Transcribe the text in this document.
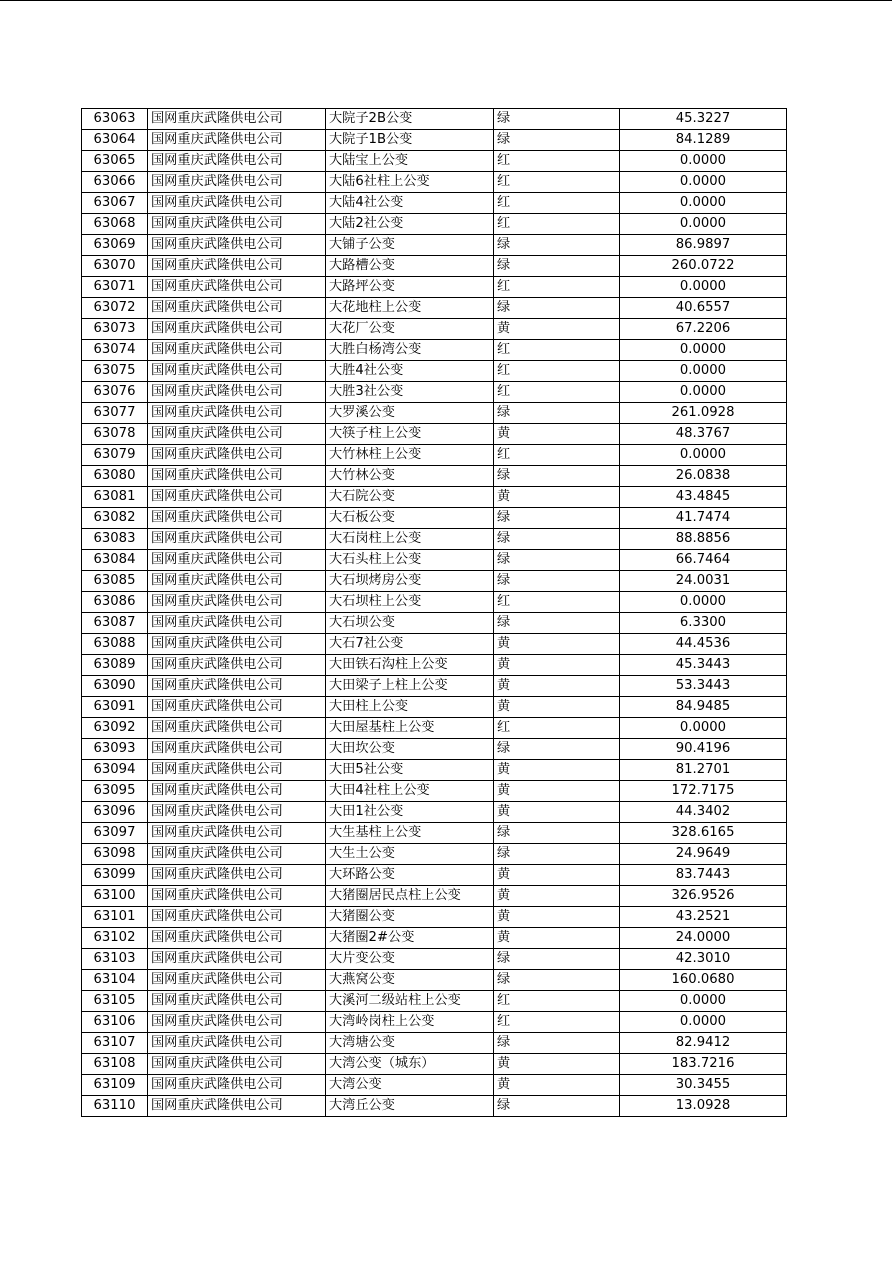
63063	国网重庆武隆供电公司	大院子2B公变	绿	45.3227
63064	国网重庆武隆供电公司	大院子1B公变	绿	84.1289
63065	国网重庆武隆供电公司	大陆宝上公变	红	0.0000
63066	国网重庆武隆供电公司	大陆6社柱上公变	红	0.0000
63067	国网重庆武隆供电公司	大陆4社公变	红	0.0000
63068	国网重庆武隆供电公司	大陆2社公变	红	0.0000
63069	国网重庆武隆供电公司	大铺子公变	绿	86.9897
63070	国网重庆武隆供电公司	大路槽公变	绿	260.0722
63071	国网重庆武隆供电公司	大路坪公变	红	0.0000
63072	国网重庆武隆供电公司	大花地柱上公变	绿	40.6557
63073	国网重庆武隆供电公司	大花厂公变	黄	67.2206
63074	国网重庆武隆供电公司	大胜白杨湾公变	红	0.0000
63075	国网重庆武隆供电公司	大胜4社公变	红	0.0000
63076	国网重庆武隆供电公司	大胜3社公变	红	0.0000
63077	国网重庆武隆供电公司	大罗溪公变	绿	261.0928
63078	国网重庆武隆供电公司	大筷子柱上公变	黄	48.3767
63079	国网重庆武隆供电公司	大竹林柱上公变	红	0.0000
63080	国网重庆武隆供电公司	大竹林公变	绿	26.0838
63081	国网重庆武隆供电公司	大石院公变	黄	43.4845
63082	国网重庆武隆供电公司	大石板公变	绿	41.7474
63083	国网重庆武隆供电公司	大石岗柱上公变	绿	88.8856
63084	国网重庆武隆供电公司	大石头柱上公变	绿	66.7464
63085	国网重庆武隆供电公司	大石坝烤房公变	绿	24.0031
63086	国网重庆武隆供电公司	大石坝柱上公变	红	0.0000
63087	国网重庆武隆供电公司	大石坝公变	绿	6.3300
63088	国网重庆武隆供电公司	大石7社公变	黄	44.4536
63089	国网重庆武隆供电公司	大田铁石沟柱上公变	黄	45.3443
63090	国网重庆武隆供电公司	大田梁子上柱上公变	黄	53.3443
63091	国网重庆武隆供电公司	大田柱上公变	黄	84.9485
63092	国网重庆武隆供电公司	大田屋基柱上公变	红	0.0000
63093	国网重庆武隆供电公司	大田坎公变	绿	90.4196
63094	国网重庆武隆供电公司	大田5社公变	黄	81.2701
63095	国网重庆武隆供电公司	大田4社柱上公变	黄	172.7175
63096	国网重庆武隆供电公司	大田1社公变	黄	44.3402
63097	国网重庆武隆供电公司	大生基柱上公变	绿	328.6165
63098	国网重庆武隆供电公司	大生土公变	绿	24.9649
63099	国网重庆武隆供电公司	大环路公变	黄	83.7443
63100	国网重庆武隆供电公司	大猪圈居民点柱上公变	黄	326.9526
63101	国网重庆武隆供电公司	大猪圈公变	黄	43.2521
63102	国网重庆武隆供电公司	大猪圈2#公变	黄	24.0000
63103	国网重庆武隆供电公司	大片变公变	绿	42.3010
63104	国网重庆武隆供电公司	大燕窝公变	绿	160.0680
63105	国网重庆武隆供电公司	大溪河二级站柱上公变	红	0.0000
63106	国网重庆武隆供电公司	大湾岭岗柱上公变	红	0.0000
63107	国网重庆武隆供电公司	大湾塘公变	绿	82.9412
63108	国网重庆武隆供电公司	大湾公变（城东）	黄	183.7216
63109	国网重庆武隆供电公司	大湾公变	黄	30.3455
63110	国网重庆武隆供电公司	大湾丘公变	绿	13.0928
